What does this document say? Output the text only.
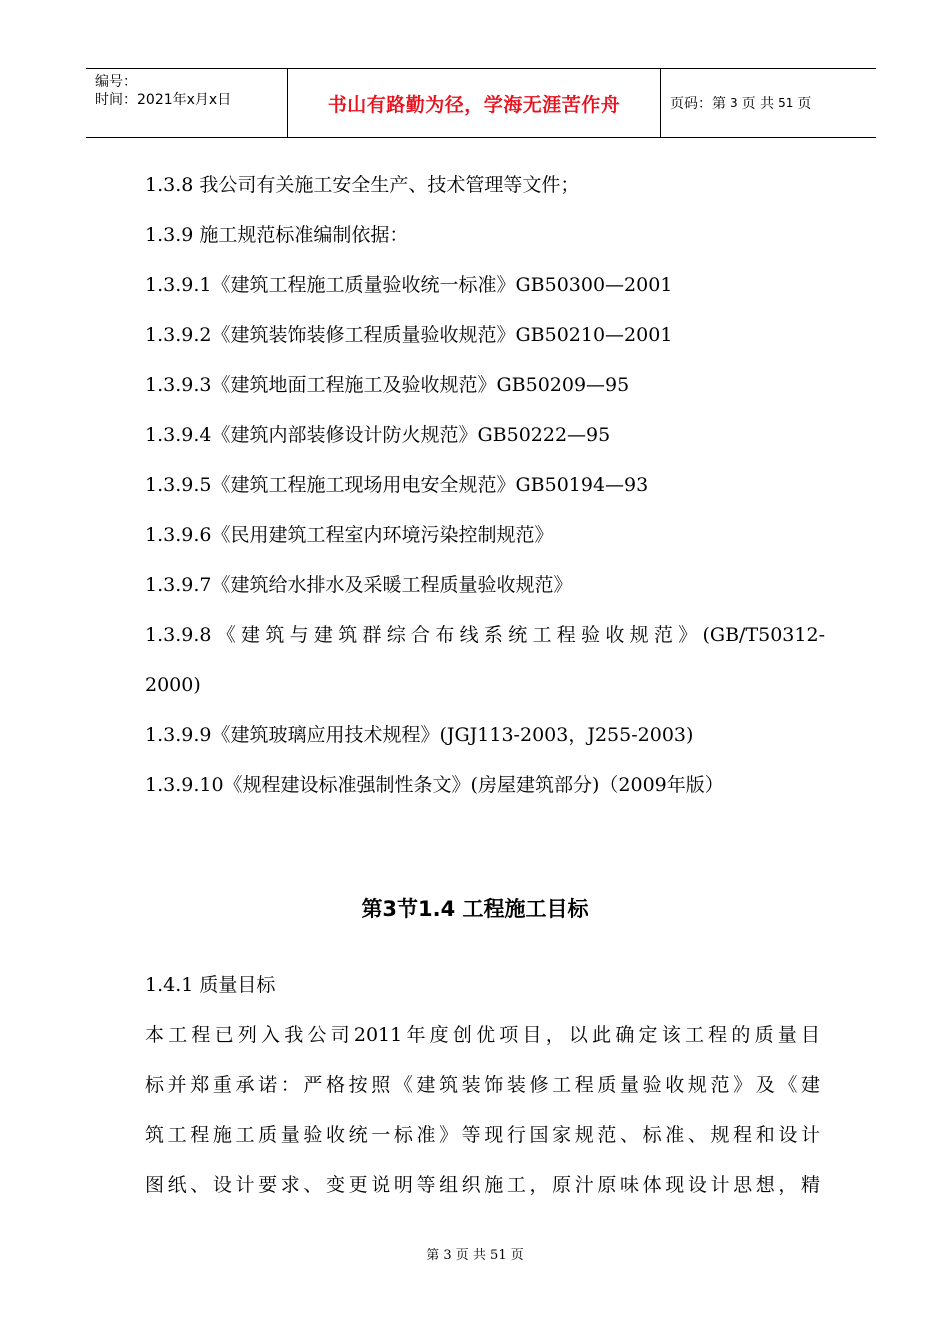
编号：
时间：2021年x月x日	书山有路勤为径，学海无涯苦作舟	页码：第 3 页 共 51 页
1.3.8 我公司有关施工安全生产、技术管理等文件；
1.3.9 施工规范标准编制依据：
1.3.9.1《建筑工程施工质量验收统一标准》GB50300—2001
1.3.9.2《建筑装饰装修工程质量验收规范》GB50210—2001
1.3.9.3《建筑地面工程施工及验收规范》GB50209—95
1.3.9.4《建筑内部装修设计防火规范》GB50222—95
1.3.9.5《建筑工程施工现场用电安全规范》GB50194—93
1.3.9.6《民用建筑工程室内环境污染控制规范》
1.3.9.7《建筑给水排水及采暖工程质量验收规范》
1.3.9.8《建筑与建筑群综合布线系统工程验收规范》(GB/T50312-
2000)
1.3.9.9《建筑玻璃应用技术规程》(JGJ113-2003，J255-2003)
1.3.9.10《规程建设标准强制性条文》(房屋建筑部分)（2009年版）
第3节1.4 工程施工目标
1.4.1 质量目标
本工程已列入我公司2011年度创优项目，以此确定该工程的质量目
标并郑重承诺：严格按照《建筑装饰装修工程质量验收规范》及《建
筑工程施工质量验收统一标准》等现行国家规范、标准、规程和设计
图纸、设计要求、变更说明等组织施工，原汁原味体现设计思想，精
第 3 页 共 51 页
